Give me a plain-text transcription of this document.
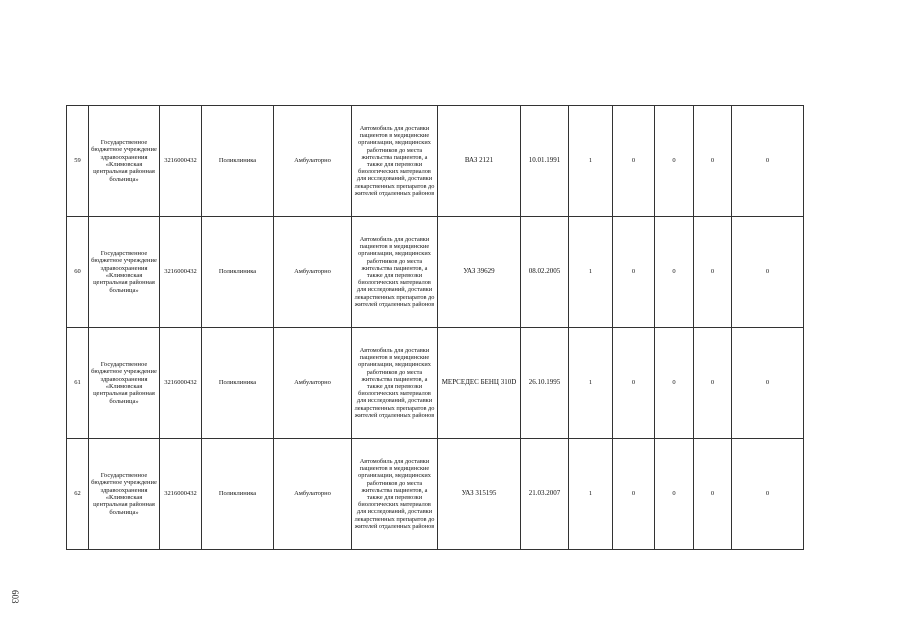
59	Государственное бюджетное учреждение здравоохранения «Климовская центральная районная больница»	3216000432	Поликлиника	Амбулаторно	Автомобиль для доставки пациентов в медицинские организации, медицинских работников до места жительства пациентов, а также для перевозки биологических материалов для исследований, доставки лекарственных препаратов до жителей отдаленных районов	ВАЗ 2121	10.01.1991	1	0	0	0	0
60	Государственное бюджетное учреждение здравоохранения «Климовская центральная районная больница»	3216000432	Поликлиника	Амбулаторно	Автомобиль для доставки пациентов в медицинские организации, медицинских работников до места жительства пациентов, а также для перевозки биологических материалов для исследований, доставки лекарственных препаратов до жителей отдаленных районов	УАЗ 39629	08.02.2005	1	0	0	0	0
61	Государственное бюджетное учреждение здравоохранения «Климовская центральная районная больница»	3216000432	Поликлиника	Амбулаторно	Автомобиль для доставки пациентов в медицинские организации, медицинских работников до места жительства пациентов, а также для перевозки биологических материалов для исследований, доставки лекарственных препаратов до жителей отдаленных районов	МЕРСЕДЕС БЕНЦ 310D	26.10.1995	1	0	0	0	0
62	Государственное бюджетное учреждение здравоохранения «Климовская центральная районная больница»	3216000432	Поликлиника	Амбулаторно	Автомобиль для доставки пациентов в медицинские организации, медицинских работников до места жительства пациентов, а также для перевозки биологических материалов для исследований, доставки лекарственных препаратов до жителей отдаленных районов	УАЗ 315195	21.03.2007	1	0	0	0	0
603
